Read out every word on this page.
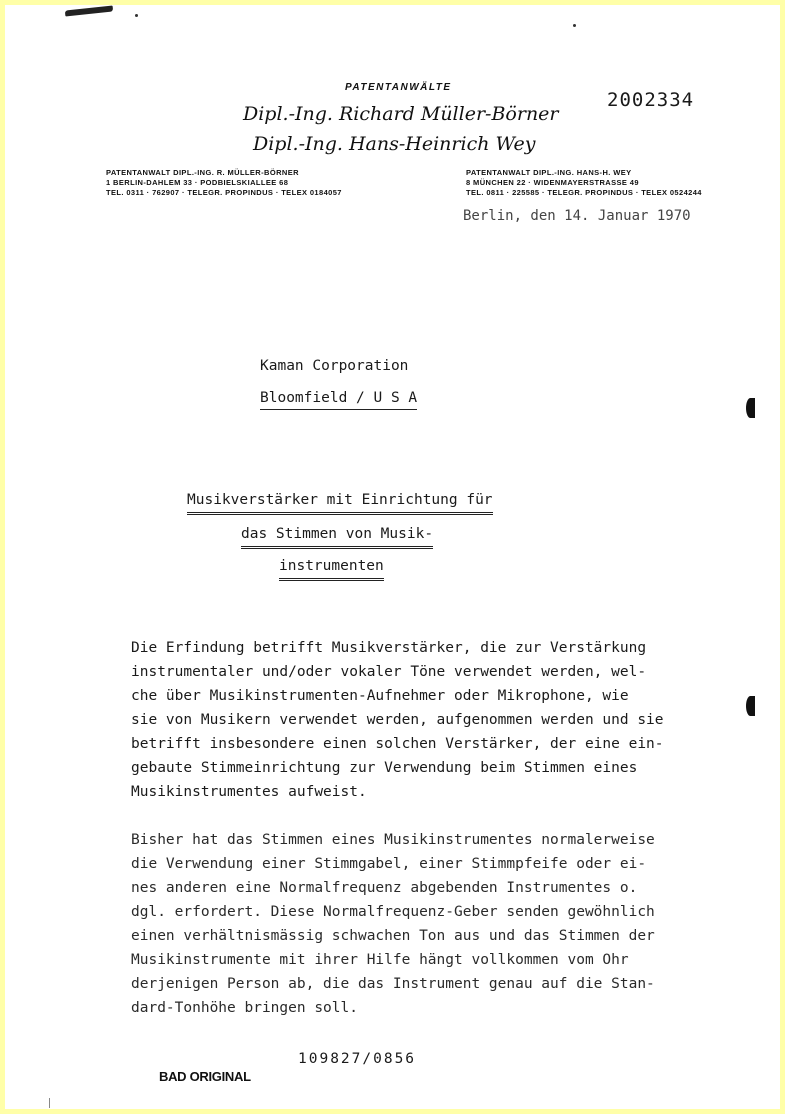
PATENTANWÄLTE
2002334
Dipl.-Ing. Richard Müller-Börner
Dipl.-Ing. Hans-Heinrich Wey
PATENTANWALT DIPL.-ING. R. MÜLLER-BÖRNER
1 BERLIN-DAHLEM 33 · PODBIELSKIALLEE 68
TEL. 0311 · 762907 · TELEGR. PROPINDUS · TELEX 0184057
PATENTANWALT DIPL.-ING. HANS-H. WEY
8 MÜNCHEN 22 · WIDENMAYERSTRASSE 49
TEL. 0811 · 225585 · TELEGR. PROPINDUS · TELEX 0524244
Berlin, den 14. Januar 1970
Kaman Corporation
Bloomfield / U S A
Musikverstärker mit Einrichtung für
das Stimmen von Musik-
instrumenten
Die Erfindung betrifft Musikverstärker, die zur Verstärkung
instrumentaler und/oder vokaler Töne verwendet werden, wel-
che über Musikinstrumenten-Aufnehmer oder Mikrophone, wie
sie von Musikern verwendet werden, aufgenommen werden und sie
betrifft insbesondere einen solchen Verstärker, der eine ein-
gebaute Stimmeinrichtung zur Verwendung beim Stimmen eines
Musikinstrumentes aufweist.
Bisher hat das Stimmen eines Musikinstrumentes normalerweise
die Verwendung einer Stimmgabel, einer Stimmpfeife oder ei-
nes anderen eine Normalfrequenz abgebenden Instrumentes o.
dgl. erfordert. Diese Normalfrequenz-Geber senden gewöhnlich
einen verhältnismässig schwachen Ton aus und das Stimmen der
Musikinstrumente mit ihrer Hilfe hängt vollkommen vom Ohr
derjenigen Person ab, die das Instrument genau auf die Stan-
dard-Tonhöhe bringen soll.
109827/0856
BAD ORIGINAL
